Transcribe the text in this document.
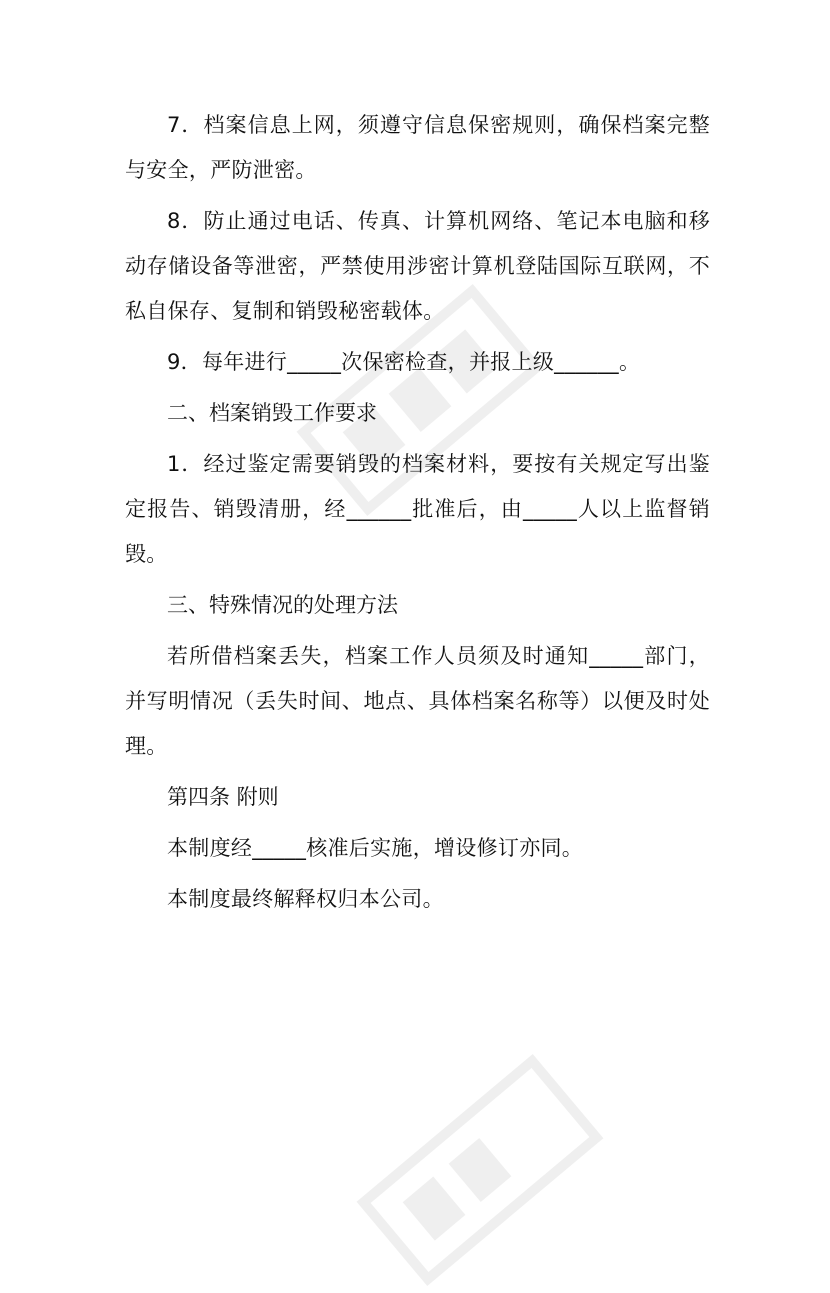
7．档案信息上网，须遵守信息保密规则，确保档案完整与安全，严防泄密。

8．防止通过电话、传真、计算机网络、笔记本电脑和移动存储设备等泄密，严禁使用涉密计算机登陆国际互联网，不私自保存、复制和销毁秘密载体。

9．每年进行_____次保密检查，并报上级______。

二、档案销毁工作要求

1．经过鉴定需要销毁的档案材料，要按有关规定写出鉴定报告、销毁清册，经______批准后，由_____人以上监督销毁。

三、特殊情况的处理方法

若所借档案丢失，档案工作人员须及时通知_____部门，并写明情况（丢失时间、地点、具体档案名称等）以便及时处理。

第四条 附则

本制度经_____核准后实施，增设修订亦同。

本制度最终解释权归本公司。
